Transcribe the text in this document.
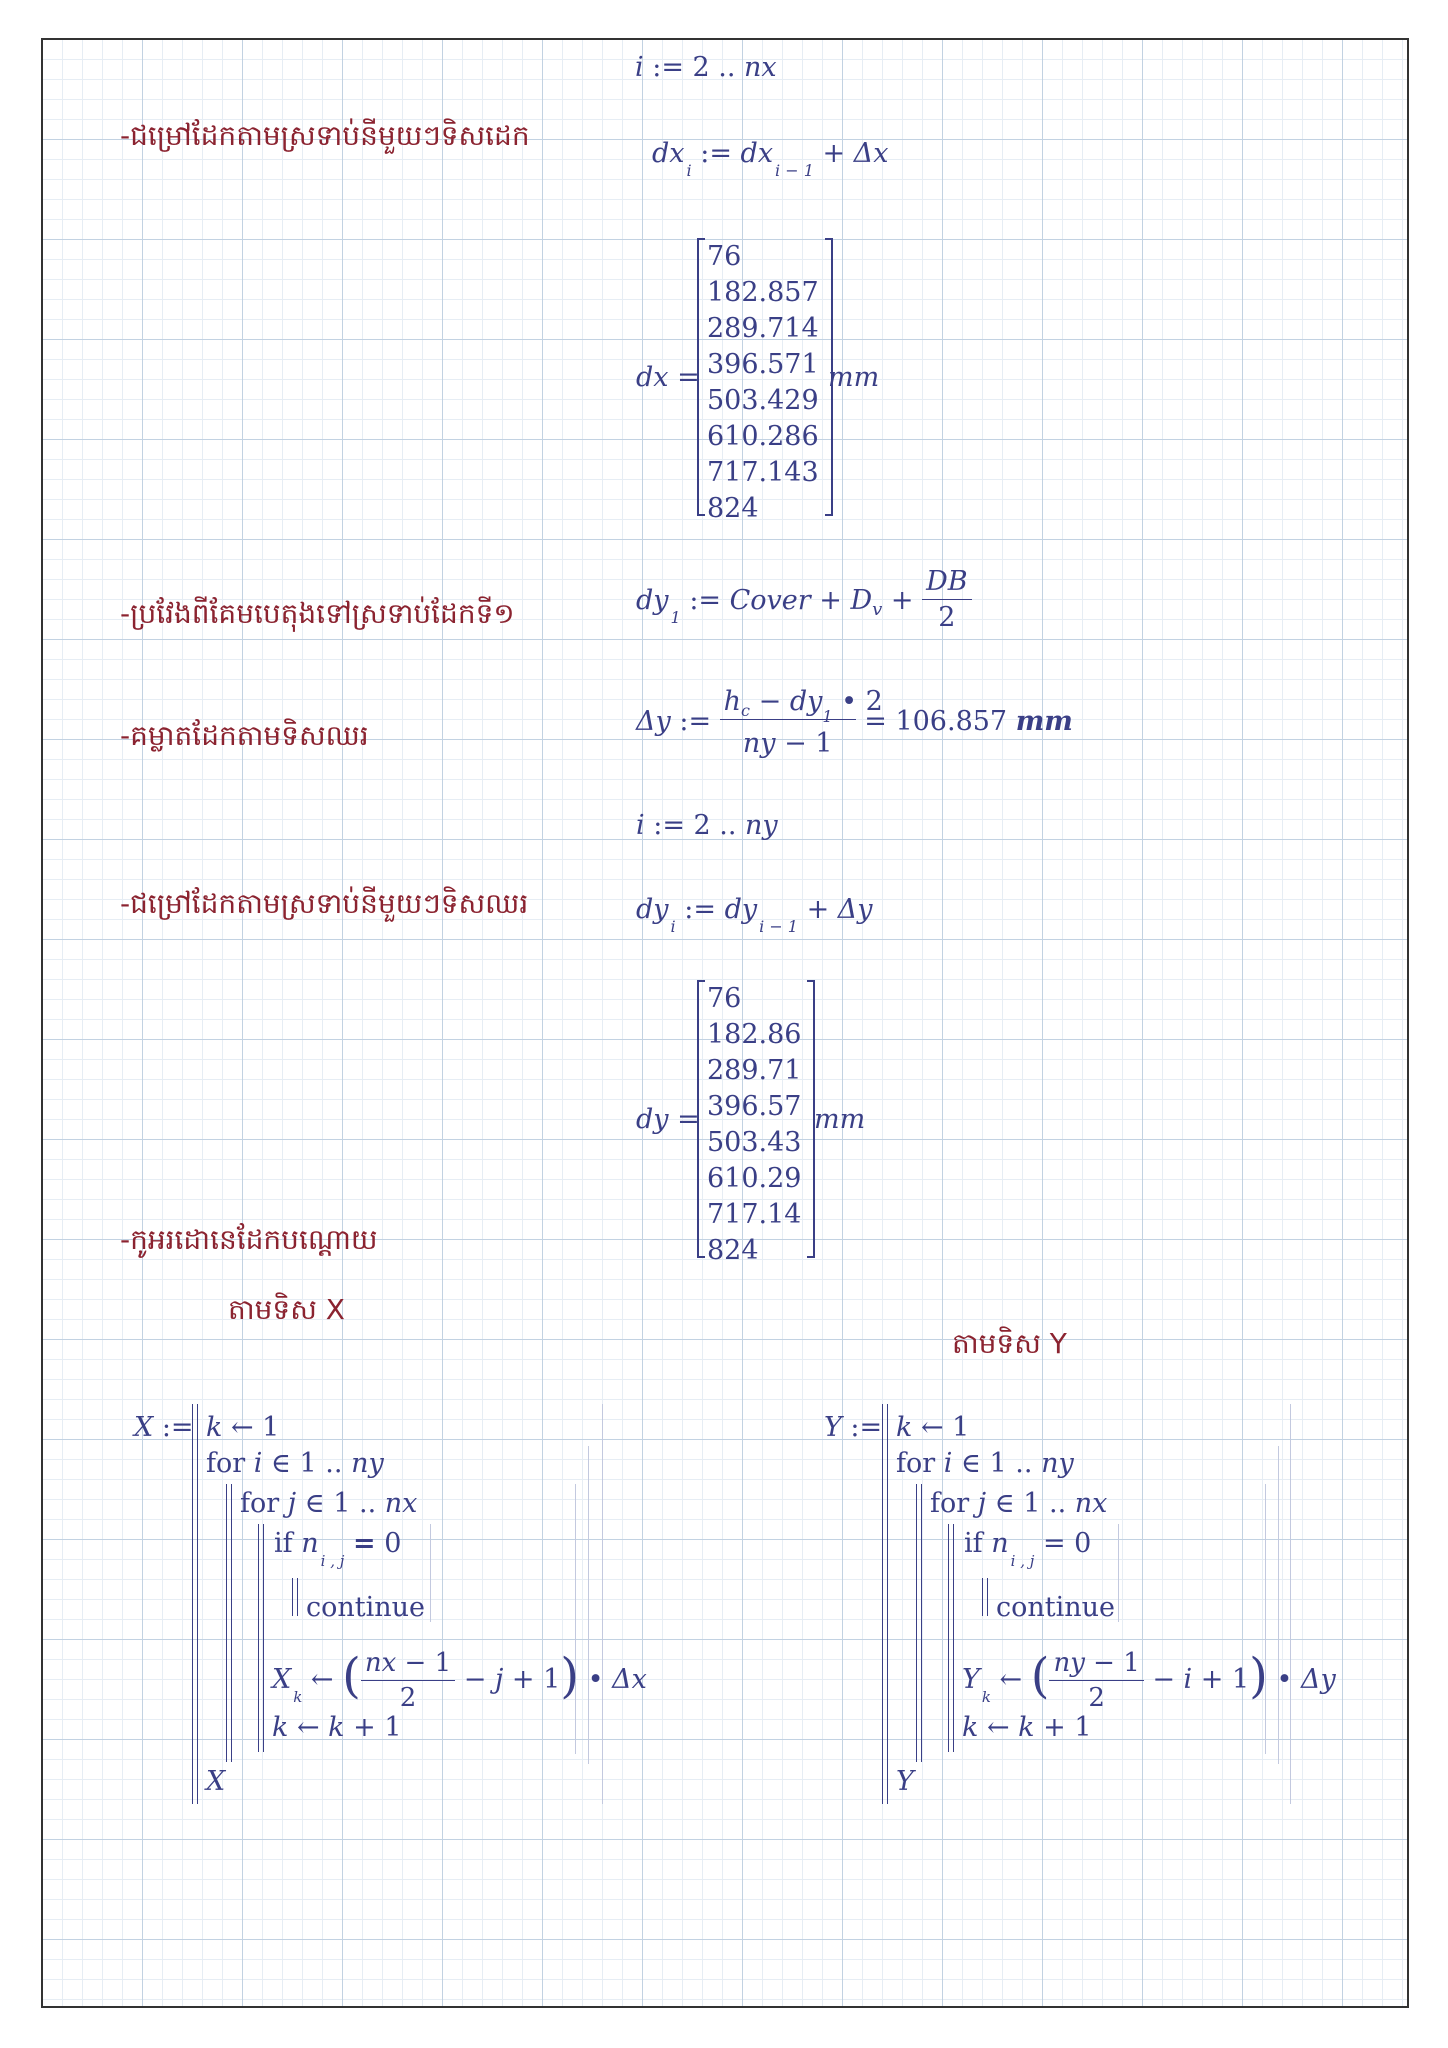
i := 2 .. nx
-ជម្រៅដែកតាមស្រទាប់នីមួយៗទិសដេក
$dx_i$ := $dx_{i - 1} + \Delta x$
dx =
76
182.857
289.714
396.571
503.429
610.286
717.143
824
mm
-ប្រវែងពីគែមបេតុងទៅស្រទាប់ដែកទី១	$dy_1$ := Cover + $D_v + \frac{DB}{2}$
-គម្លាតដែកតាមទិសឈរ	Δy := $\frac{h_c - dy_1 • 2}{ny - 1} = 106.857$ mm
i := 2 .. ny
-ជម្រៅដែកតាមស្រទាប់នីមួយៗទិសឈរ	$dy_i$ := $dy_{i - 1} + \Delta y$
dy =
76
182.86
289.71
396.57
503.43
610.29
717.14
824
mm
-កូអរដោនេដែកបណ្តោយ
តាមទិស X
តាមទិស Y
X := k ← 1
for i ∈ 1 .. ny
for j ∈ 1 .. nx
if $n_{i , j} = 0$
continue
$X_k$ ← ( $\frac{nx - 1}{2} - j + 1$) • Δx
k ← k + 1
X
Y := k ← 1
for i ∈ 1 .. ny
for j ∈ 1 .. nx
if $n_{i , j} = 0$
continue
$Y_k$ ← ( $\frac{ny - 1}{2} - i + 1$) • Δy
k ← k + 1
Y
